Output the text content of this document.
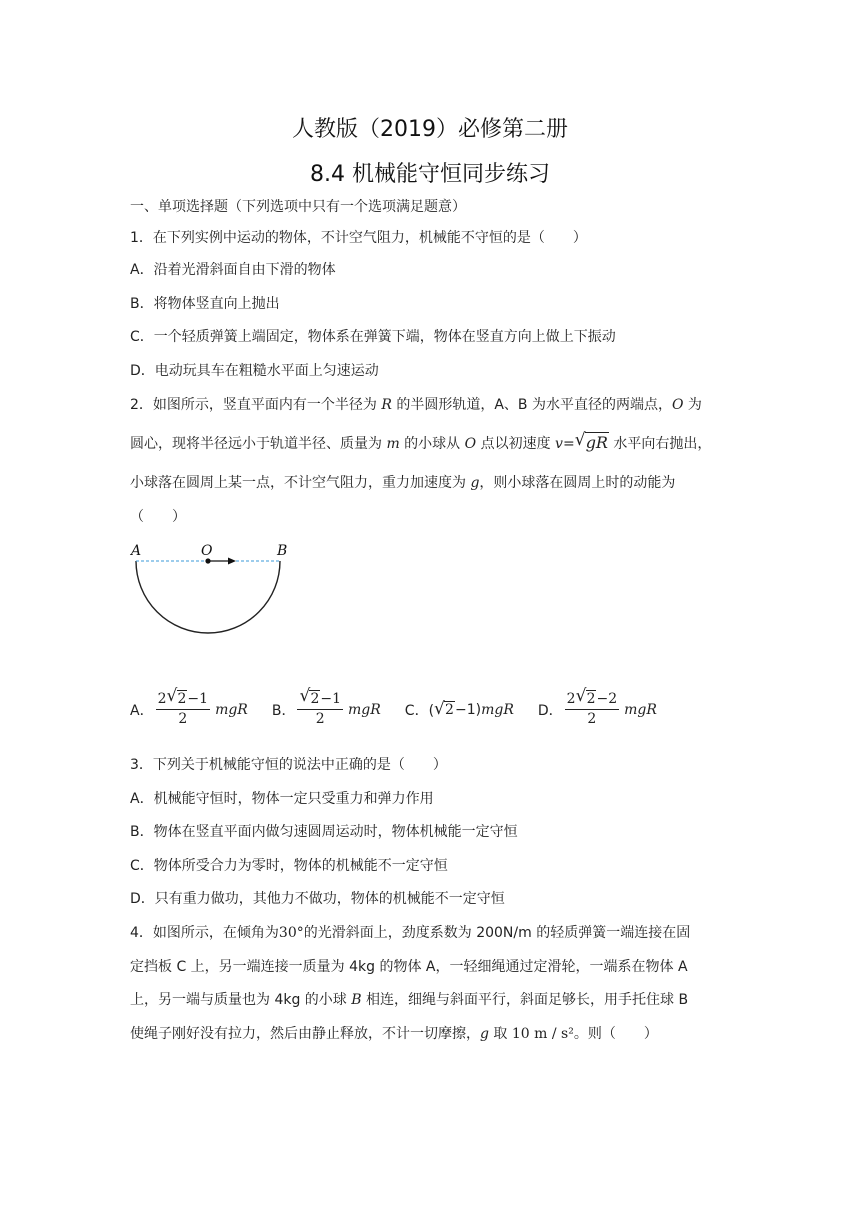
人教版（2019）必修第二册
8.4 机械能守恒同步练习
一、单项选择题（下列选项中只有一个选项满足题意）
1．在下列实例中运动的物体，不计空气阻力，机械能不守恒的是（　　）
A．沿着光滑斜面自由下滑的物体
B．将物体竖直向上抛出
C．一个轻质弹簧上端固定，物体系在弹簧下端，物体在竖直方向上做上下振动
D．电动玩具车在粗糙水平面上匀速运动
2．如图所示，竖直平面内有一个半径为 R 的半圆形轨道，A、B 为水平直径的两端点，O 为
圆心，现将半径远小于轨道半径、质量为 m 的小球从 O 点以初速度 v= √ gR 水平向右抛出，
小球落在圆周上某一点，不计空气阻力，重力加速度为 g，则小球落在圆周上时的动能为
（　　）
A	O	B
A． $\frac{2 √ 2-1}{2}$ mgR B． $\frac{√ 2-1}{2}$ mgR C．( √ 2 −1) mgR D． $\frac{2 √ 2-2}{2}$ mgR
3．下列关于机械能守恒的说法中正确的是（　　）
A．机械能守恒时，物体一定只受重力和弹力作用
B．物体在竖直平面内做匀速圆周运动时，物体机械能一定守恒
C．物体所受合力为零时，物体的机械能不一定守恒
D．只有重力做功，其他力不做功，物体的机械能不一定守恒
4．如图所示，在倾角为30°的光滑斜面上，劲度系数为 200N/m 的轻质弹簧一端连接在固
定挡板 C 上，另一端连接一质量为 4kg 的物体 A，一轻细绳通过定滑轮，一端系在物体 A
上，另一端与质量也为 4kg 的小球 B 相连，细绳与斜面平行，斜面足够长，用手托住球 B
使绳子刚好没有拉力，然后由静止释放，不计一切摩擦，g 取 10 m / s²。则（　　）
